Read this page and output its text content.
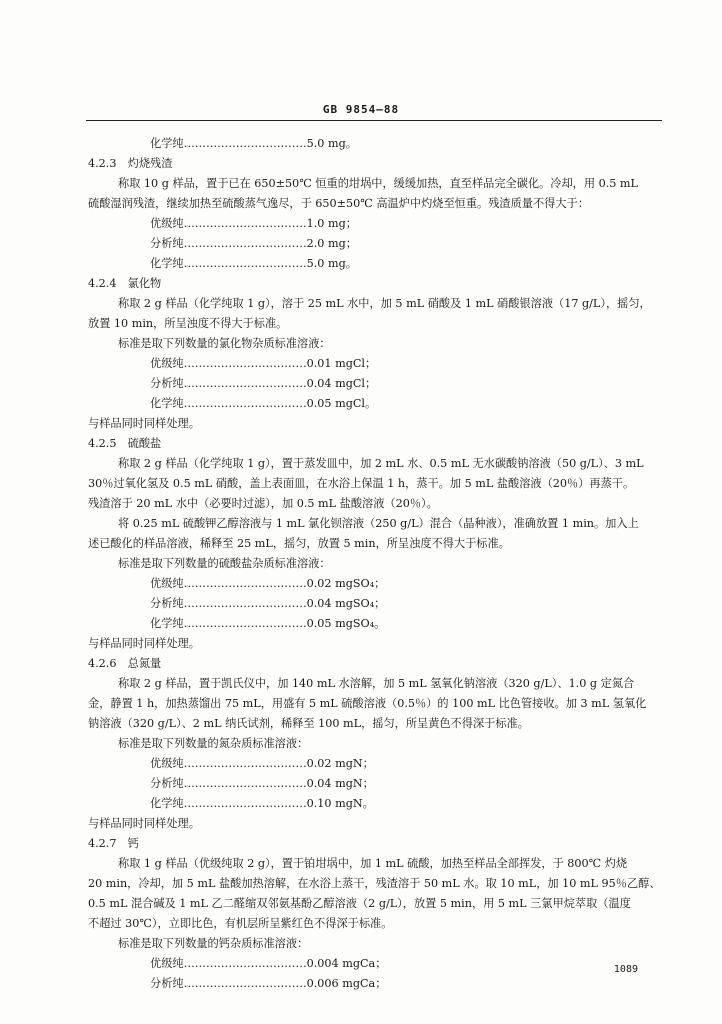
GB 9854—88
化学纯……………………………5.0 mg。
4.2.3　灼烧残渣
称取 10 g 样品，置于已在 650±50℃ 恒重的坩埚中，缓缓加热，直至样品完全碳化。冷却，用 0.5 mL
硫酸湿润残渣，继续加热至硫酸蒸气逸尽，于 650±50℃ 高温炉中灼烧至恒重。残渣质量不得大于：
优级纯……………………………1.0 mg；
分析纯……………………………2.0 mg；
化学纯……………………………5.0 mg。
4.2.4　氯化物
称取 2 g 样品（化学纯取 1 g），溶于 25 mL 水中，加 5 mL 硝酸及 1 mL 硝酸银溶液（17 g/L），摇匀，
放置 10 min，所呈浊度不得大于标准。
标准是取下列数量的氯化物杂质标准溶液：
优级纯……………………………0.01 mgCl；
分析纯……………………………0.04 mgCl；
化学纯……………………………0.05 mgCl。
与样品同时同样处理。
4.2.5　硫酸盐
称取 2 g 样品（化学纯取 1 g），置于蒸发皿中，加 2 mL 水、0.5 mL 无水碳酸钠溶液（50 g/L）、3 mL
30％过氧化氢及 0.5 mL 硝酸，盖上表面皿，在水浴上保温 1 h，蒸干。加 5 mL 盐酸溶液（20％）再蒸干。
残渣溶于 20 mL 水中（必要时过滤），加 0.5 mL 盐酸溶液（20％）。
将 0.25 mL 硫酸钾乙醇溶液与 1 mL 氯化钡溶液（250 g/L）混合（晶种液），准确放置 1 min。加入上
述已酸化的样品溶液，稀释至 25 mL，摇匀，放置 5 min，所呈浊度不得大于标准。
标准是取下列数量的硫酸盐杂质标准溶液：
优级纯……………………………0.02 mgSO₄；
分析纯……………………………0.04 mgSO₄；
化学纯……………………………0.05 mgSO₄。
与样品同时同样处理。
4.2.6　总氮量
称取 2 g 样品，置于凯氏仪中，加 140 mL 水溶解，加 5 mL 氢氧化钠溶液（320 g/L）、1.0 g 定氮合
金，静置 1 h，加热蒸馏出 75 mL，用盛有 5 mL 硫酸溶液（0.5％）的 100 mL 比色管接收。加 3 mL 氢氧化
钠溶液（320 g/L）、2 mL 纳氏试剂，稀释至 100 mL，摇匀，所呈黄色不得深于标准。
标准是取下列数量的氮杂质标准溶液：
优级纯……………………………0.02 mgN；
分析纯……………………………0.04 mgN；
化学纯……………………………0.10 mgN。
与样品同时同样处理。
4.2.7　钙
称取 1 g 样品（优级纯取 2 g），置于铂坩埚中，加 1 mL 硫酸，加热至样品全部挥发，于 800℃ 灼烧
20 min，冷却，加 5 mL 盐酸加热溶解，在水浴上蒸干，残渣溶于 50 mL 水。取 10 mL，加 10 mL 95％乙醇、
0.5 mL 混合碱及 1 mL 乙二醛缩双邻氨基酚乙醇溶液（2 g/L），放置 5 min，用 5 mL 三氯甲烷萃取（温度
不超过 30℃），立即比色，有机层所呈紫红色不得深于标准。
标准是取下列数量的钙杂质标准溶液：
优级纯……………………………0.004 mgCa；
分析纯……………………………0.006 mgCa；
1089
